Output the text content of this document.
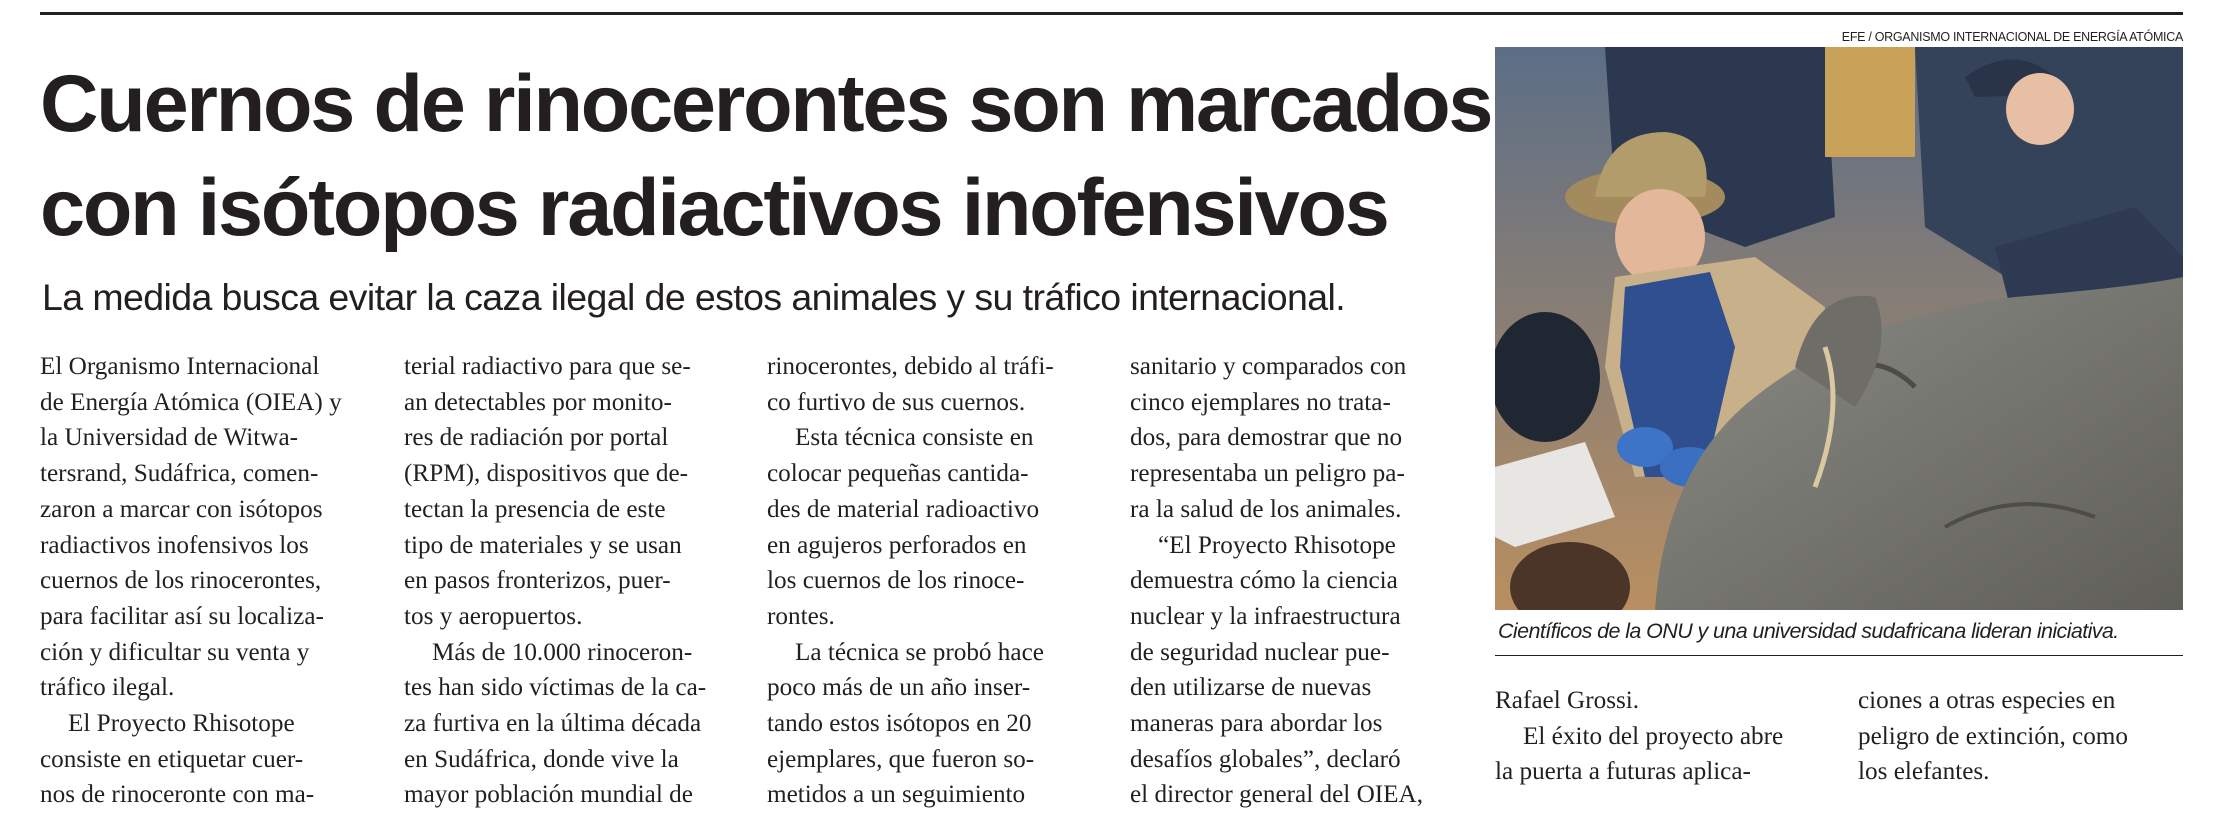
Cuernos de rinocerontes son marcados
con isótopos radiactivos inofensivos

La medida busca evitar la caza ilegal de estos animales y su tráfico internacional.

El Organismo Internacional
de Energía Atómica (OIEA) y
la Universidad de Witwa-
tersrand, Sudáfrica, comen-
zaron a marcar con isótopos
radiactivos inofensivos los
cuernos de los rinocerontes,
para facilitar así su localiza-
ción y dificultar su venta y
tráfico ilegal.
El Proyecto Rhisotope
consiste en etiquetar cuer-
nos de rinoceronte con ma-
terial radiactivo para que se-
an detectables por monito-
res de radiación por portal
(RPM), dispositivos que de-
tectan la presencia de este
tipo de materiales y se usan
en pasos fronterizos, puer-
tos y aeropuertos.
Más de 10.000 rinoceron-
tes han sido víctimas de la ca-
za furtiva en la última década
en Sudáfrica, donde vive la
mayor población mundial de
rinocerontes, debido al tráfi-
co furtivo de sus cuernos.
Esta técnica consiste en
colocar pequeñas cantida-
des de material radioactivo
en agujeros perforados en
los cuernos de los rinoce-
rontes.
La técnica se probó hace
poco más de un año inser-
tando estos isótopos en 20
ejemplares, que fueron so-
metidos a un seguimiento
sanitario y comparados con
cinco ejemplares no trata-
dos, para demostrar que no
representaba un peligro pa-
ra la salud de los animales.
“El Proyecto Rhisotope
demuestra cómo la ciencia
nuclear y la infraestructura
de seguridad nuclear pue-
den utilizarse de nuevas
maneras para abordar los
desafíos globales”, declaró
el director general del OIEA,
EFE / ORGANISMO INTERNACIONAL DE ENERGÍA ATÓMICA
Científicos de la ONU y una universidad sudafricana lideran iniciativa.
Rafael Grossi.
El éxito del proyecto abre
la puerta a futuras aplica-
ciones a otras especies en
peligro de extinción, como
los elefantes.
